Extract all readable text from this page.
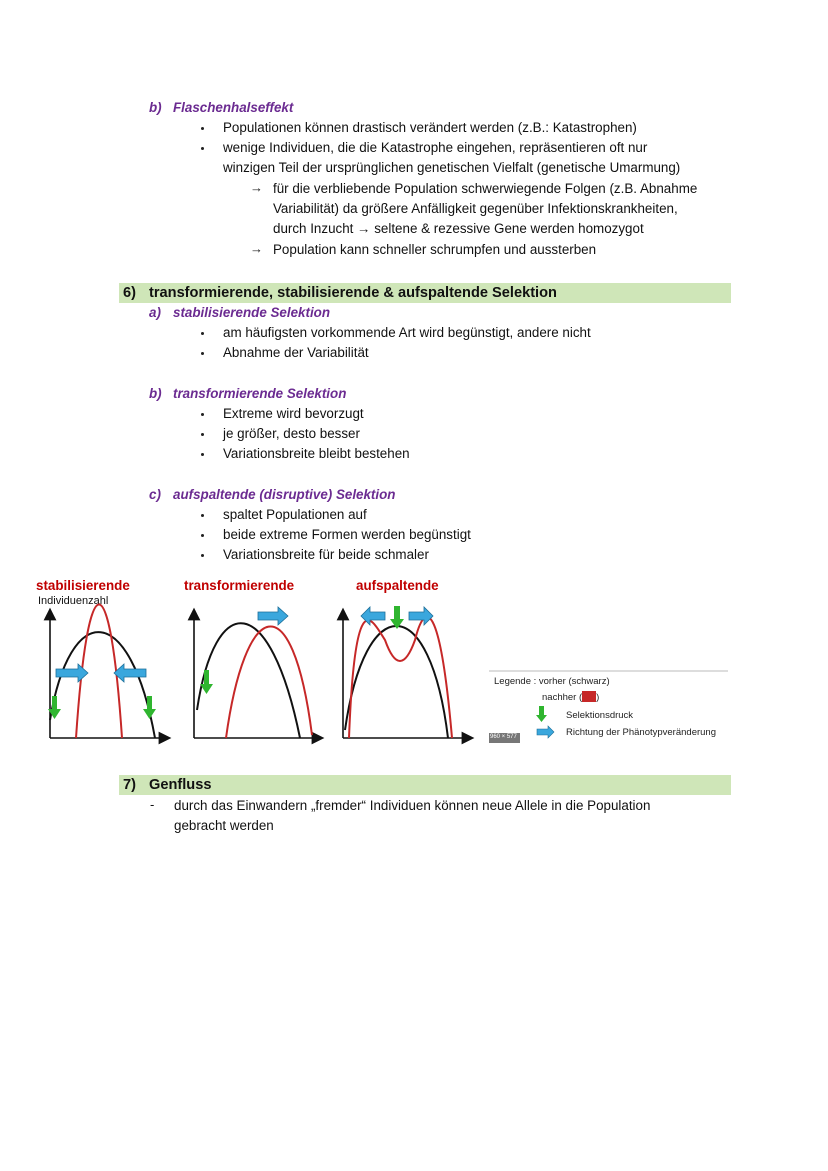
b) Flaschenhalseffekt
Populationen können drastisch verändert werden (z.B.: Katastrophen)
wenige Individuen, die die Katastrophe eingehen, repräsentieren oft nur
winzigen Teil der ursprünglichen genetischen Vielfalt (genetische Umarmung)
→ für die verbliebende Population schwerwiegende Folgen (z.B. Abnahme
Variabilität) da größere Anfälligkeit gegenüber Infektionskrankheiten,
durch Inzucht → seltene & rezessive Gene werden homozygot
→ Population kann schneller schrumpfen und aussterben
6) transformierende, stabilisierende & aufspaltende Selektion
a) stabilisierende Selektion
am häufigsten vorkommende Art wird begünstigt, andere nicht
Abnahme der Variabilität
b) transformierende Selektion
Extreme wird bevorzugt
je größer, desto besser
Variationsbreite bleibt bestehen
c) aufspaltende (disruptive) Selektion
spaltet Populationen auf
beide extreme Formen werden begünstigt
Variationsbreite für beide schmaler
stabilisierende	transformierende	aufspaltende
Individuenzahl
Legende : vorher (schwarz)
nachher ( rot )
Selektionsdruck
Richtung der Phänotypveränderung
960 × 577
7) Genfluss
- durch das Einwandern „fremder“ Individuen können neue Allele in die Population
gebracht werden
